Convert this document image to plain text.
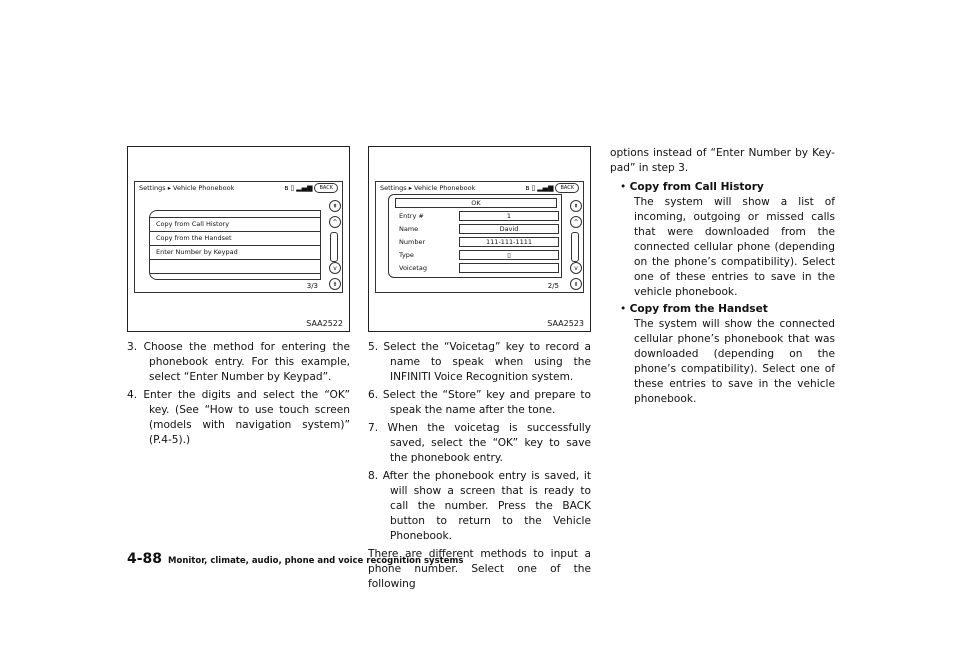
Settings ▸ Vehicle Phonebook	ʙ ▯ ▂▄▆	BACK
Copy from Call History
Copy from the Handset
Enter Number by Keypad
⇞
^
v
⇟
3/3
SAA2522
Settings ▸ Vehicle Phonebook	ʙ ▯ ▂▄▆	BACK
OK
Entry #	1
Name	David
Number	111-111-1111
Type	▯
Voicetag
⇞
^
v
⇟
2/5
SAA2523
3. Choose the method for entering the phonebook entry. For this example, select “Enter Number by Keypad”.
4. Enter the digits and select the “OK” key. (See “How to use touch screen (models with navigation system)” (P.4-5).)
5. Select the “Voicetag” key to record a name to speak when using the INFINITI Voice Recognition system.
6. Select the “Store” key and prepare to speak the name after the tone.
7. When the voicetag is successfully saved, select the “OK” key to save the phonebook entry.
8. After the phonebook entry is saved, it will show a screen that is ready to call the number. Press the BACK button to return to the Vehicle Phonebook.
There are different methods to input a phone number. Select one of the following
options instead of “Enter Number by Key-pad” in step 3.
• Copy from Call History
The system will show a list of incoming, outgoing or missed calls that were downloaded from the connected cellular phone (depending on the phone’s compatibility). Select one of these entries to save in the vehicle phonebook.
• Copy from the Handset
The system will show the connected cellular phone’s phonebook that was downloaded (depending on the phone’s compatibility). Select one of these entries to save in the vehicle phonebook.
4-88 Monitor, climate, audio, phone and voice recognition systems
